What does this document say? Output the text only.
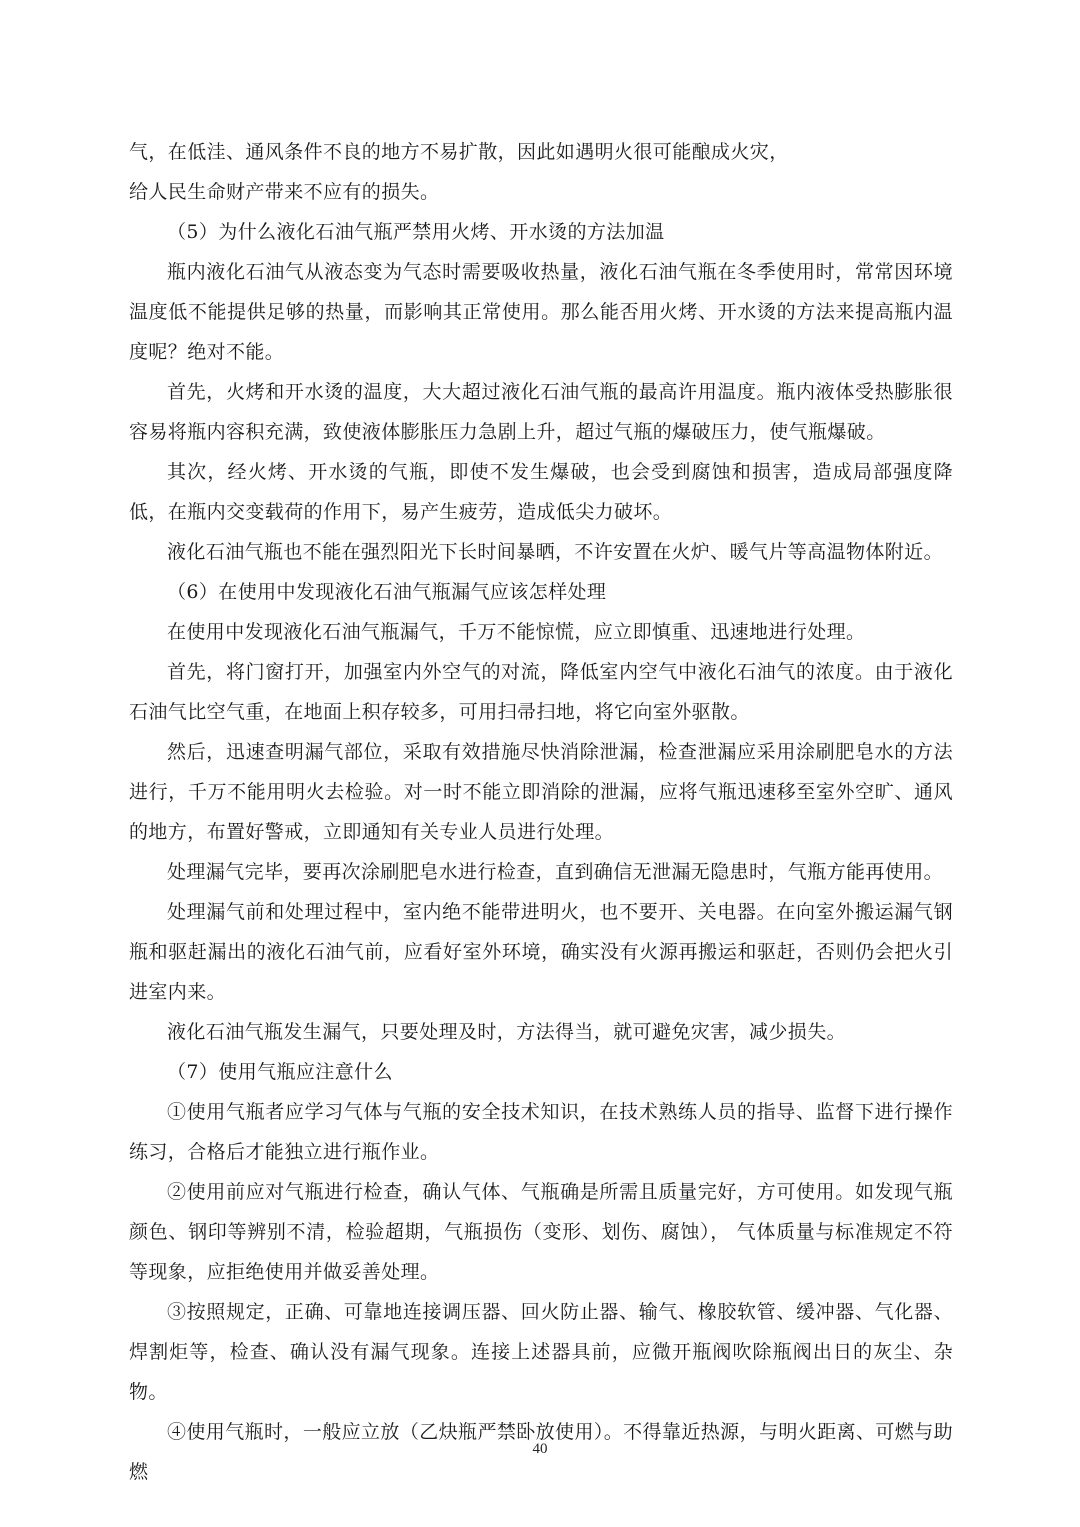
气，在低洼、通风条件不良的地方不易扩散，因此如遇明火很可能酿成火灾，

给人民生命财产带来不应有的损失。

（5）为什么液化石油气瓶严禁用火烤、开水烫的方法加温

瓶内液化石油气从液态变为气态时需要吸收热量，液化石油气瓶在冬季使用时，常常因环境温度低不能提供足够的热量，而影响其正常使用。那么能否用火烤、开水烫的方法来提高瓶内温度呢？绝对不能。

首先，火烤和开水烫的温度，大大超过液化石油气瓶的最高许用温度。瓶内液体受热膨胀很容易将瓶内容积充满，致使液体膨胀压力急剧上升，超过气瓶的爆破压力，使气瓶爆破。

其次，经火烤、开水烫的气瓶，即使不发生爆破，也会受到腐蚀和损害，造成局部强度降低，在瓶内交变载荷的作用下，易产生疲劳，造成低尖力破坏。

液化石油气瓶也不能在强烈阳光下长时间暴晒，不许安置在火炉、暖气片等高温物体附近。

（6）在使用中发现液化石油气瓶漏气应该怎样处理

在使用中发现液化石油气瓶漏气，千万不能惊慌，应立即慎重、迅速地进行处理。

首先，将门窗打开，加强室内外空气的对流，降低室内空气中液化石油气的浓度。由于液化石油气比空气重，在地面上积存较多，可用扫帚扫地，将它向室外驱散。

然后，迅速查明漏气部位，采取有效措施尽快消除泄漏，检查泄漏应采用涂刷肥皂水的方法进行，千万不能用明火去检验。对一时不能立即消除的泄漏，应将气瓶迅速移至室外空旷、通风的地方，布置好警戒，立即通知有关专业人员进行处理。

处理漏气完毕，要再次涂刷肥皂水进行检查，直到确信无泄漏无隐患时，气瓶方能再使用。

处理漏气前和处理过程中，室内绝不能带进明火，也不要开、关电器。在向室外搬运漏气钢瓶和驱赶漏出的液化石油气前，应看好室外环境，确实没有火源再搬运和驱赶，否则仍会把火引进室内来。

液化石油气瓶发生漏气，只要处理及时，方法得当，就可避免灾害，减少损失。

（7）使用气瓶应注意什么

①使用气瓶者应学习气体与气瓶的安全技术知识，在技术熟练人员的指导、监督下进行操作练习，合格后才能独立进行瓶作业。

②使用前应对气瓶进行检查，确认气体、气瓶确是所需且质量完好，方可使用。如发现气瓶颜色、钢印等辨别不清，检验超期，气瓶损伤（变形、划伤、腐蚀）， 气体质量与标准规定不符等现象，应拒绝使用并做妥善处理。

③按照规定，正确、可靠地连接调压器、回火防止器、输气、橡胶软管、缓冲器、气化器、焊割炬等，检查、确认没有漏气现象。连接上述器具前，应微开瓶阀吹除瓶阀出日的灰尘、杂物。

④使用气瓶时，一般应立放（乙炔瓶严禁卧放使用）。不得靠近热源，与明火距离、可燃与助燃

40
